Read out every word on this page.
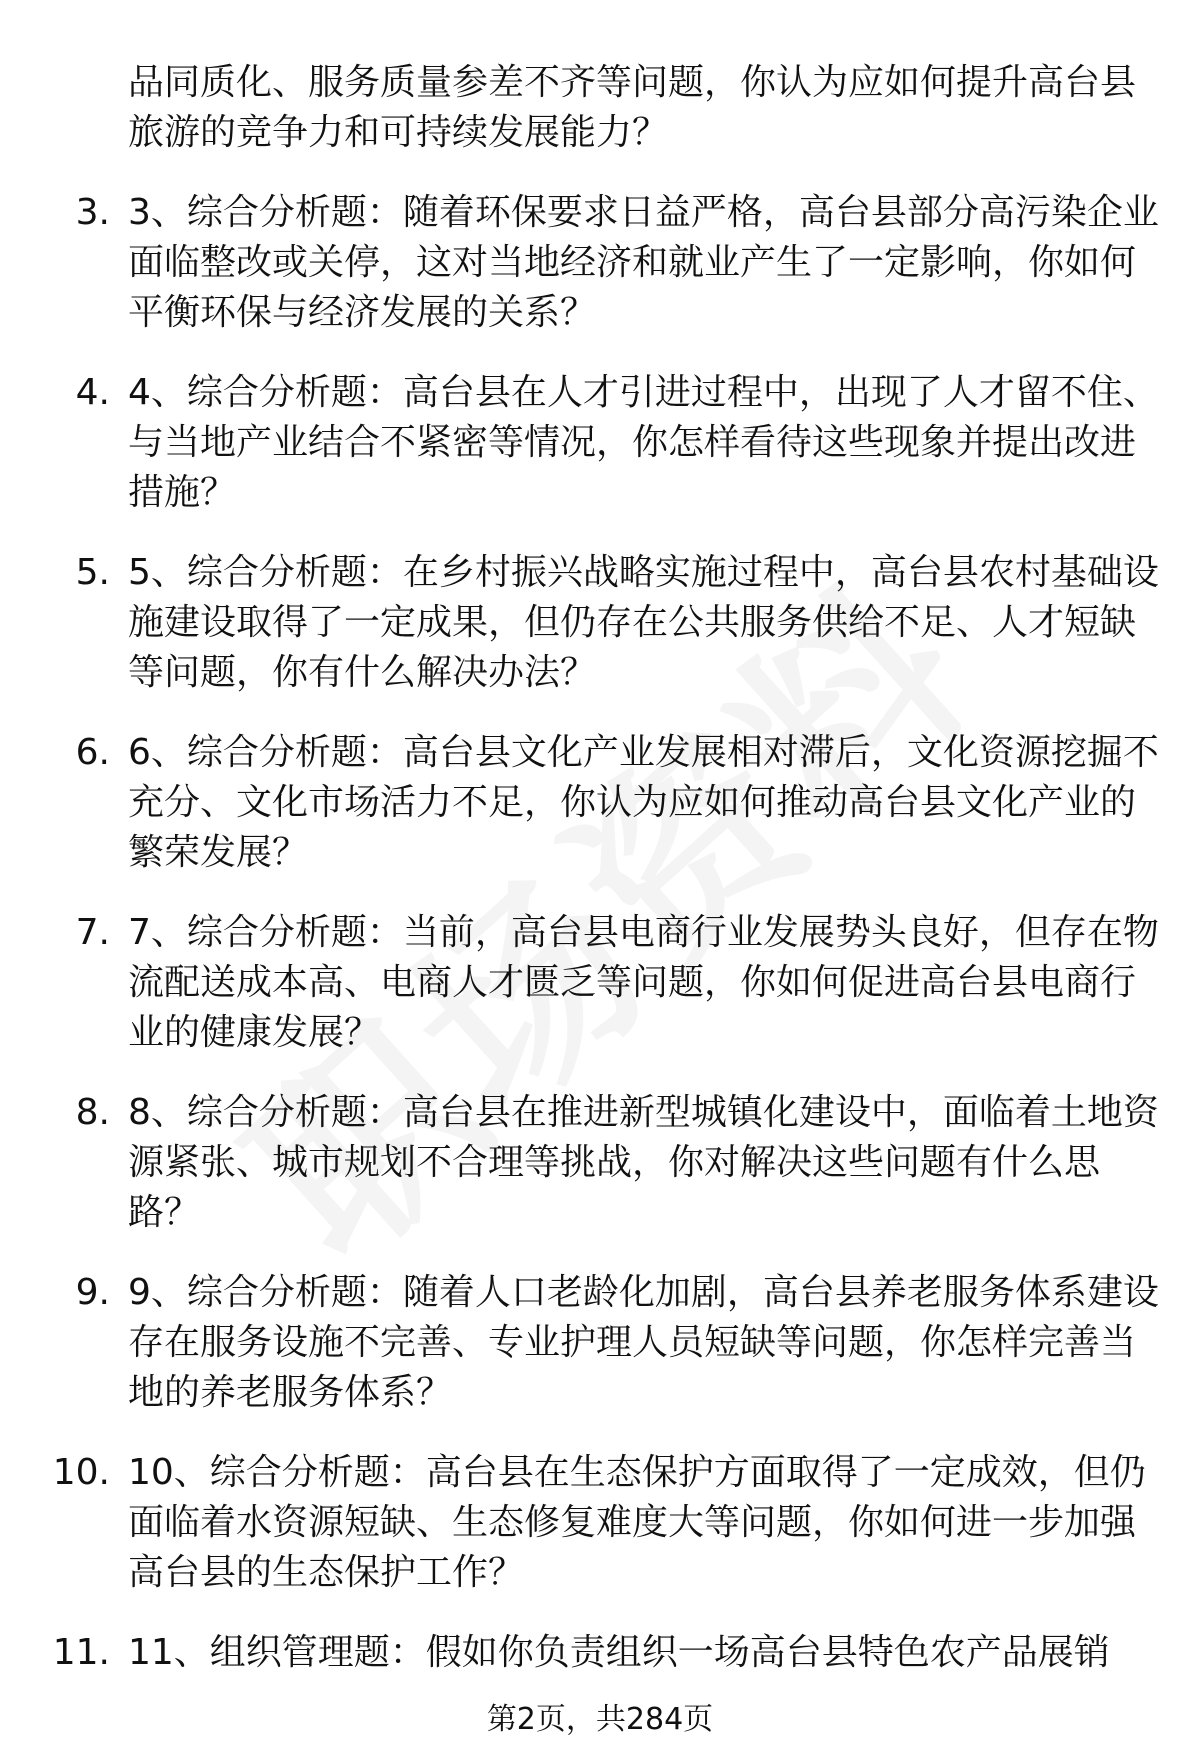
品同质化、服务质量参差不齐等问题，你认为应如何提升高台县
旅游的竞争力和可持续发展能力？
3. 3、综合分析题：随着环保要求日益严格，高台县部分高污染企业
面临整改或关停，这对当地经济和就业产生了一定影响，你如何
平衡环保与经济发展的关系？
4. 4、综合分析题：高台县在人才引进过程中，出现了人才留不住、
与当地产业结合不紧密等情况，你怎样看待这些现象并提出改进
措施？
5. 5、综合分析题：在乡村振兴战略实施过程中，高台县农村基础设
施建设取得了一定成果，但仍存在公共服务供给不足、人才短缺
等问题，你有什么解决办法？
6. 6、综合分析题：高台县文化产业发展相对滞后，文化资源挖掘不
充分、文化市场活力不足，你认为应如何推动高台县文化产业的
繁荣发展？
7. 7、综合分析题：当前，高台县电商行业发展势头良好，但存在物
流配送成本高、电商人才匮乏等问题，你如何促进高台县电商行
业的健康发展？
8. 8、综合分析题：高台县在推进新型城镇化建设中，面临着土地资
源紧张、城市规划不合理等挑战，你对解决这些问题有什么思
路？
9. 9、综合分析题：随着人口老龄化加剧，高台县养老服务体系建设
存在服务设施不完善、专业护理人员短缺等问题，你怎样完善当
地的养老服务体系？
10. 10、综合分析题：高台县在生态保护方面取得了一定成效，但仍
面临着水资源短缺、生态修复难度大等问题，你如何进一步加强
高台县的生态保护工作？
11. 11、组织管理题：假如你负责组织一场高台县特色农产品展销
第2页，共284页
